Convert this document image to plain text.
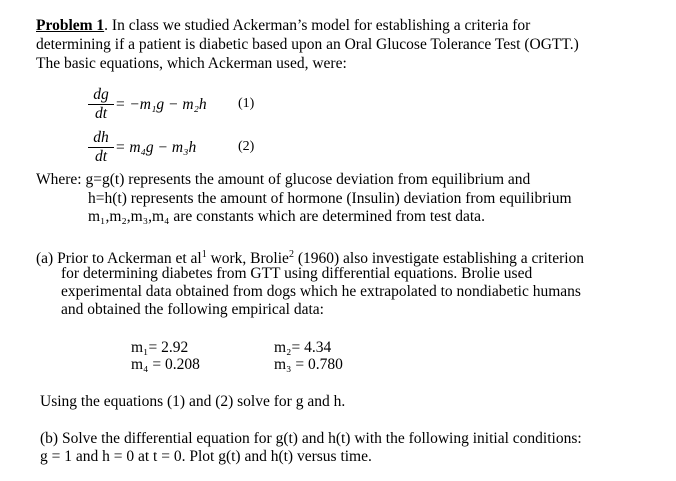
Problem 1. In class we studied Ackerman’s model for establishing a criteria for
determining if a patient is diabetic based upon an Oral Glucose Tolerance Test (OGTT.)
The basic equations, which Ackerman used, were:
dg
dt
= −m₁g − m₂h (1)
dh
dt
= m₄g − m₃h	(2)
Where: g=g(t) represents the amount of glucose deviation from equilibrium and
h=h(t) represents the amount of hormone (Insulin) deviation from equilibrium
m₁,m₂,m₃,m₄ are constants which are determined from test data.
(a) Prior to Ackerman et $al^1$ work, Brolie$^2$ (1960) also investigate establishing a criterion
for determining diabetes from GTT using differential equations. Brolie used
experimental data obtained from dogs which he extrapolated to nondiabetic humans
and obtained the following empirical data:
m₁= 2.92	m₂= 4.34
m₄ = 0.208	m₃ = 0.780
Using the equations (1) and (2) solve for g and h.
(b) Solve the differential equation for g(t) and h(t) with the following initial conditions:
g = 1 and h = 0 at t = 0. Plot g(t) and h(t) versus time.
